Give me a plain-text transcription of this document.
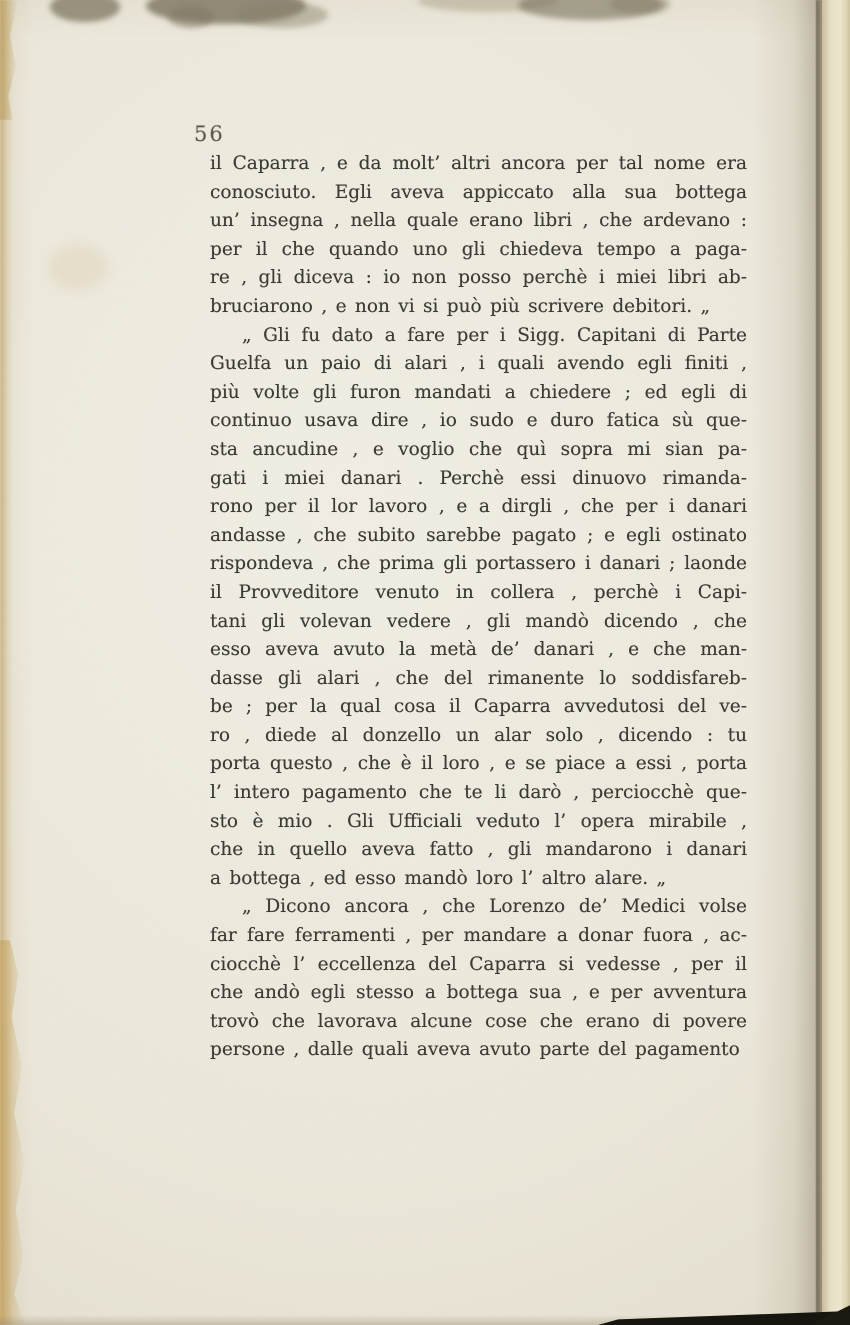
56
il Caparra , e da molt’ altri ancora per tal nome era
conosciuto. Egli aveva appiccato alla sua bottega
un’ insegna , nella quale erano libri , che ardevano :
per il che quando uno gli chiedeva tempo a paga-
re , gli diceva : io non posso perchè i miei libri ab-
bruciarono , e non vi si può più scrivere debitori. „
„ Gli fu dato a fare per i Sigg. Capitani di Parte
Guelfa un paio di alari , i quali avendo egli finiti ,
più volte gli furon mandati a chiedere ; ed egli di
continuo usava dire , io sudo e duro fatica sù que-
sta ancudine , e voglio che quì sopra mi sian pa-
gati i miei danari . Perchè essi dinuovo rimanda-
rono per il lor lavoro , e a dirgli , che per i danari
andasse , che subito sarebbe pagato ; e egli ostinato
rispondeva , che prima gli portassero i danari ; laonde
il Provveditore venuto in collera , perchè i Capi-
tani gli volevan vedere , gli mandò dicendo , che
esso aveva avuto la metà de’ danari , e che man-
dasse gli alari , che del rimanente lo soddisfareb-
be ; per la qual cosa il Caparra avvedutosi del ve-
ro , diede al donzello un alar solo , dicendo : tu
porta questo , che è il loro , e se piace a essi , porta
l’ intero pagamento che te li darò , perciocchè que-
sto è mio . Gli Ufficiali veduto l’ opera mirabile ,
che in quello aveva fatto , gli mandarono i danari
a bottega , ed esso mandò loro l’ altro alare. „
„ Dicono ancora , che Lorenzo de’ Medici volse
far fare ferramenti , per mandare a donar fuora , ac-
ciocchè l’ eccellenza del Caparra si vedesse , per il
che andò egli stesso a bottega sua , e per avventura
trovò che lavorava alcune cose che erano di povere
persone , dalle quali aveva avuto parte del pagamento
